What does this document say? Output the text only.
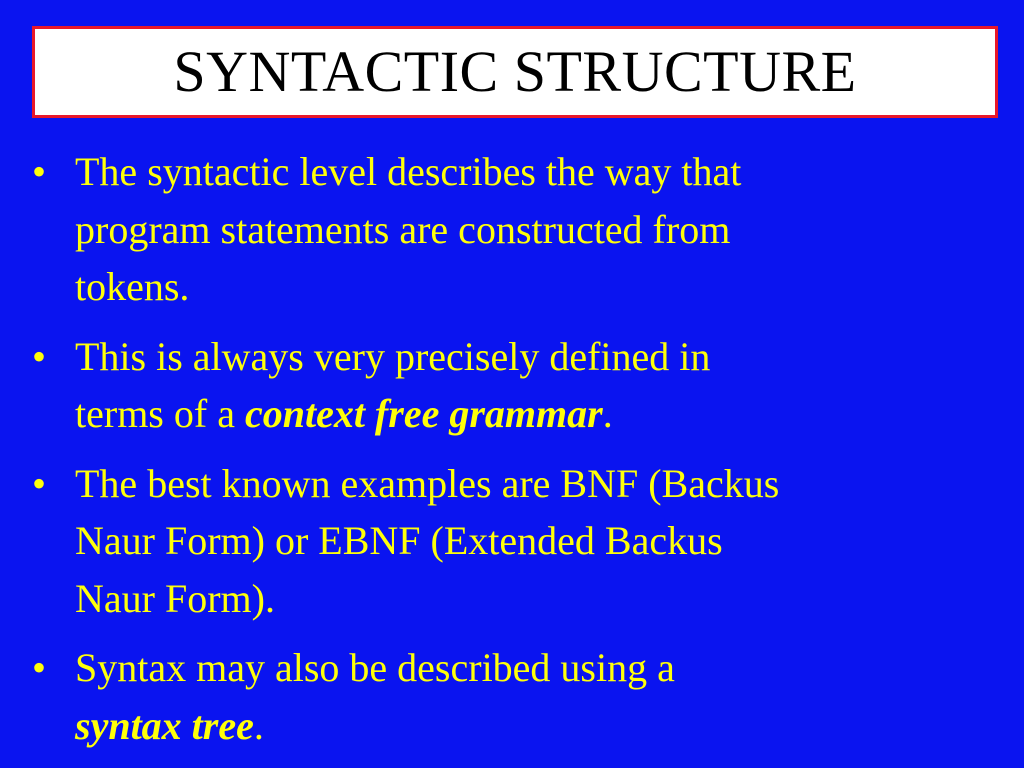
SYNTACTIC STRUCTURE
• The syntactic level describes the way that
program statements are constructed from
tokens.
• This is always very precisely defined in
terms of a context free grammar.
• The best known examples are BNF (Backus
Naur Form) or EBNF (Extended Backus
Naur Form).
• Syntax may also be described using a
syntax tree.
